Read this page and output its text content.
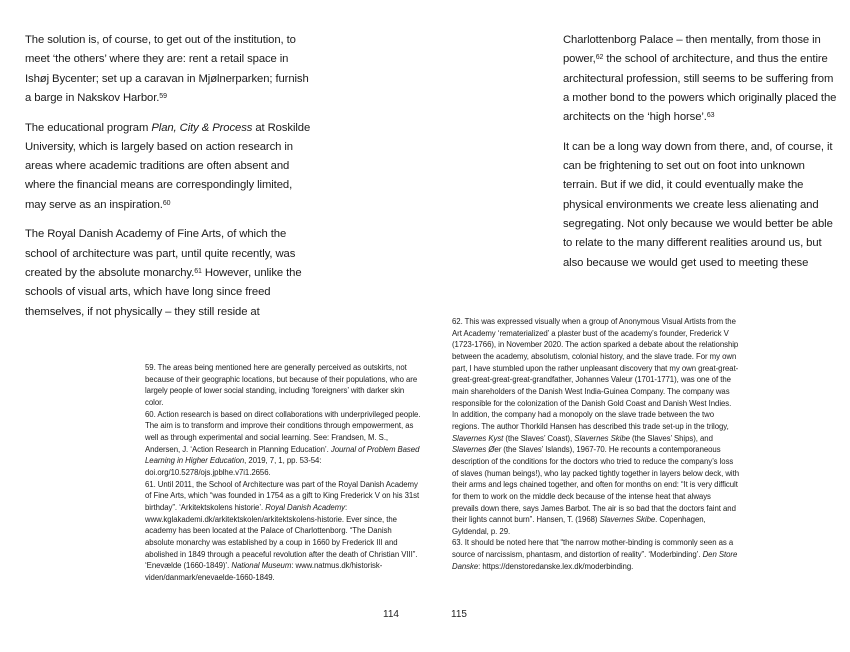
The solution is, of course, to get out of the institution, to meet ‘the others’ where they are: rent a retail space in Ishøj Bycenter; set up a caravan in Mjølnerparken; furnish a barge in Nakskov Harbor.$^{59}$

The educational program Plan, City & Process at Roskilde University, which is largely based on action research in areas where academic traditions are often absent and where the financial means are correspondingly limited, may serve as an inspiration.$^{60}$

The Royal Danish Academy of Fine Arts, of which the school of architecture was part, until quite recently, was created by the absolute monarchy.$^{61}$ However, unlike the schools of visual arts, which have long since freed themselves, if not physically – they still reside at

59. The areas being mentioned here are generally perceived as outskirts, not because of their geographic locations, but because of their populations, who are largely people of lower social standing, including ‘foreigners’ with darker skin color.

60. Action research is based on direct collaborations with underprivileged people. The aim is to transform and improve their conditions through empowerment, as well as through experimental and social learning. See: Frandsen, M. S., Andersen, J. ‘Action Research in Planning Education’. Journal of Problem Based Learning in Higher Education, 2019, 7, 1, pp. 53-54: doi.org/10.5278/ojs.jpblhe.v7i1.2656.

61. Until 2011, the School of Architecture was part of the Royal Danish Academy of Fine Arts, which “was founded in 1754 as a gift to King Frederick V on his 31st birthday”. ‘Arkitektskolens historie’. Royal Danish Academy: www.kglakademi.dk/arkitektskolen/arkitektskolens-historie. Ever since, the academy has been located at the Palace of Charlottenborg. “The Danish absolute monarchy was established by a coup in 1660 by Frederick III and abolished in 1849 through a peaceful revolution after the death of Christian VIII”. ‘Enevælde (1660-1849)’. National Museum: www.natmus.dk/historisk-viden/danmark/enevaelde-1660-1849.

Charlottenborg Palace – then mentally, from those in power,$^{62}$ the school of architecture, and thus the entire architectural profession, still seems to be suffering from a mother bond to the powers which originally placed the architects on the ‘high horse’.$^{63}$

It can be a long way down from there, and, of course, it can be frightening to set out on foot into unknown terrain. But if we did, it could eventually make the physical environments we create less alienating and segregating. Not only because we would better be able to relate to the many different realities around us, but also because we would get used to meeting these

62. This was expressed visually when a group of Anonymous Visual Artists from the Art Academy ‘rematerialized’ a plaster bust of the academy’s founder, Frederick V (1723-1766), in November 2020. The action sparked a debate about the relationship between the academy, absolutism, colonial history, and the slave trade. For my own part, I have stumbled upon the rather unpleasant discovery that my own great-great-great-great-great-great-grandfather, Johannes Valeur (1701-1771), was one of the main shareholders of the Danish West India-Guinea Company. The company was responsible for the colonization of the Danish Gold Coast and Danish West Indies. In addition, the company had a monopoly on the slave trade between the two regions. The author Thorkild Hansen has described this trade set-up in the trilogy, Slavernes Kyst (the Slaves’ Coast), Slavernes Skibe (the Slaves’ Ships), and Slavernes Øer (the Slaves’ Islands), 1967-70. He recounts a contemporaneous description of the conditions for the doctors who tried to reduce the company’s loss of slaves (human beings!), who lay packed tightly together in layers below deck, with their arms and legs chained together, and often for months on end: “It is very difficult for them to work on the middle deck because of the intense heat that always prevails down there, says James Barbot. The air is so bad that the doctors faint and their lights cannot burn”. Hansen, T. (1968) Slavernes Skibe. Copenhagen, Gyldendal, p. 29.

63. It should be noted here that “the narrow mother-binding is commonly seen as a source of narcissism, phantasm, and distortion of reality”. ‘Moderbinding’. Den Store Danske: https://denstoredanske.lex.dk/moderbinding.

114	115
